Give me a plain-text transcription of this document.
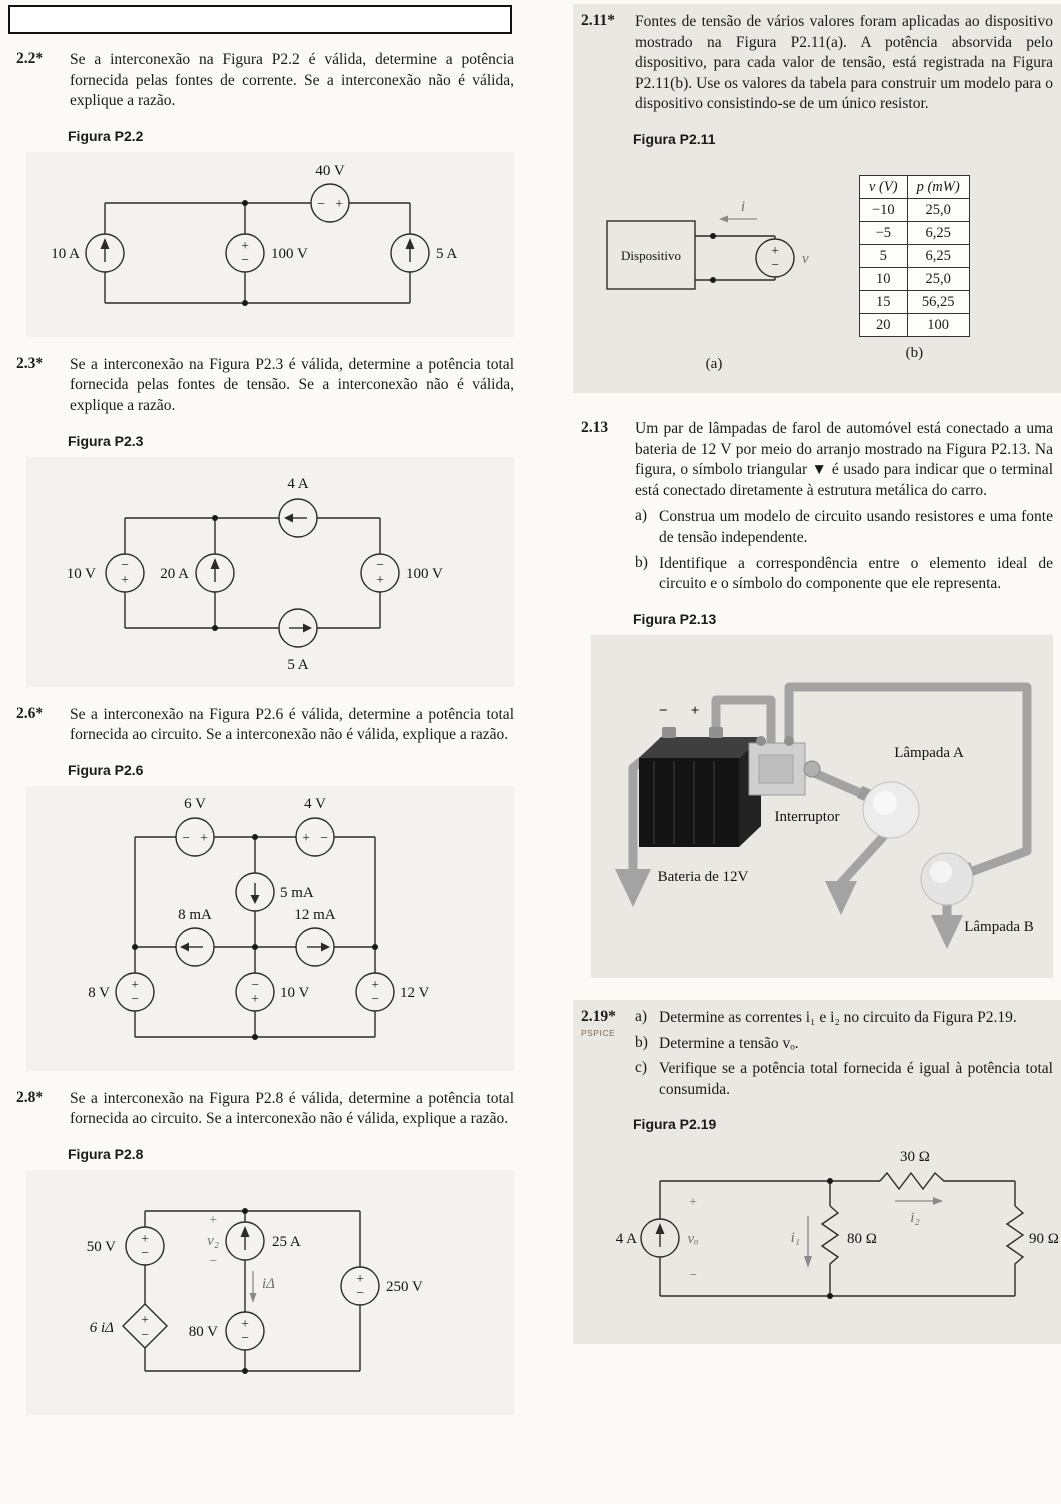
2.2*	Se a interconexão na Figura P2.2 é válida, determine a potência fornecida pelas fontes de corrente. Se a interconexão não é válida, explique a razão.

Figura P2.2
40 V
− +
10 A
+
− 100 V	5 A
2.3*	Se a interconexão na Figura P2.3 é válida, determine a potência total fornecida pelas fontes de tensão. Se a interconexão não é válida, explique a razão.

Figura P2.3
4 A
5 A
10 V
−
+ 20 A	100 V
−
+
2.6*	Se a interconexão na Figura P2.6 é válida, determine a potência total fornecida ao circuito. Se a interconexão não é válida, explique a razão.

Figura P2.6
6 V
− +
4 V
+ −
5 mA
8 mA	12 mA
8 V
+
−	10 V
−
+	12 V
+
−
2.8*	Se a interconexão na Figura P2.8 é válida, determine a potência total fornecida ao circuito. Se a interconexão não é válida, explique a razão.

Figura P2.8
50 V
+
−
+
v₂
−
25 A
iΔ
80 V
+
−
6 iΔ
+
−
250 V
+
−
2.11*	Fontes de tensão de vários valores foram aplicadas ao dispositivo mostrado na Figura P2.11(a). A potência absorvida pelo dispositivo, para cada valor de tensão, está registrada na Figura P2.11(b). Use os valores da tabela para construir um modelo para o dispositivo consistindo-se de um único resistor.

Figura P2.11
Dispositivo
i
+
− v
(a)
v (V)	p (mW)
−10	25,0
−5	6,25
5	6,25
10	25,0
15	56,25
20	100
(b)
2.13	Um par de lâmpadas de farol de automóvel está conectado a uma bateria de 12 V por meio do arranjo mostrado na Figura P2.13. Na figura, o símbolo triangular ▼ é usado para indicar que o terminal está conectado diretamente à estrutura metálica do carro.

a) Construa um modelo de circuito usando resistores e uma fonte de tensão independente.

b) Identifique a correspondência entre o elemento ideal de circuito e o símbolo do componente que ele representa.

Figura P2.13
− +
Lâmpada A
Interruptor
Bateria de 12V
Lâmpada B
2.19*
PSPICE
a) Determine as correntes i₁ e i₂ no circuito da Figura P2.19.

b) Determine a tensão vₒ.

c) Verifique se a potência total fornecida é igual à potência total consumida.

Figura P2.19
4 A
+
vₒ
−
i₁	80 Ω
30 Ω
i₂
90 Ω
